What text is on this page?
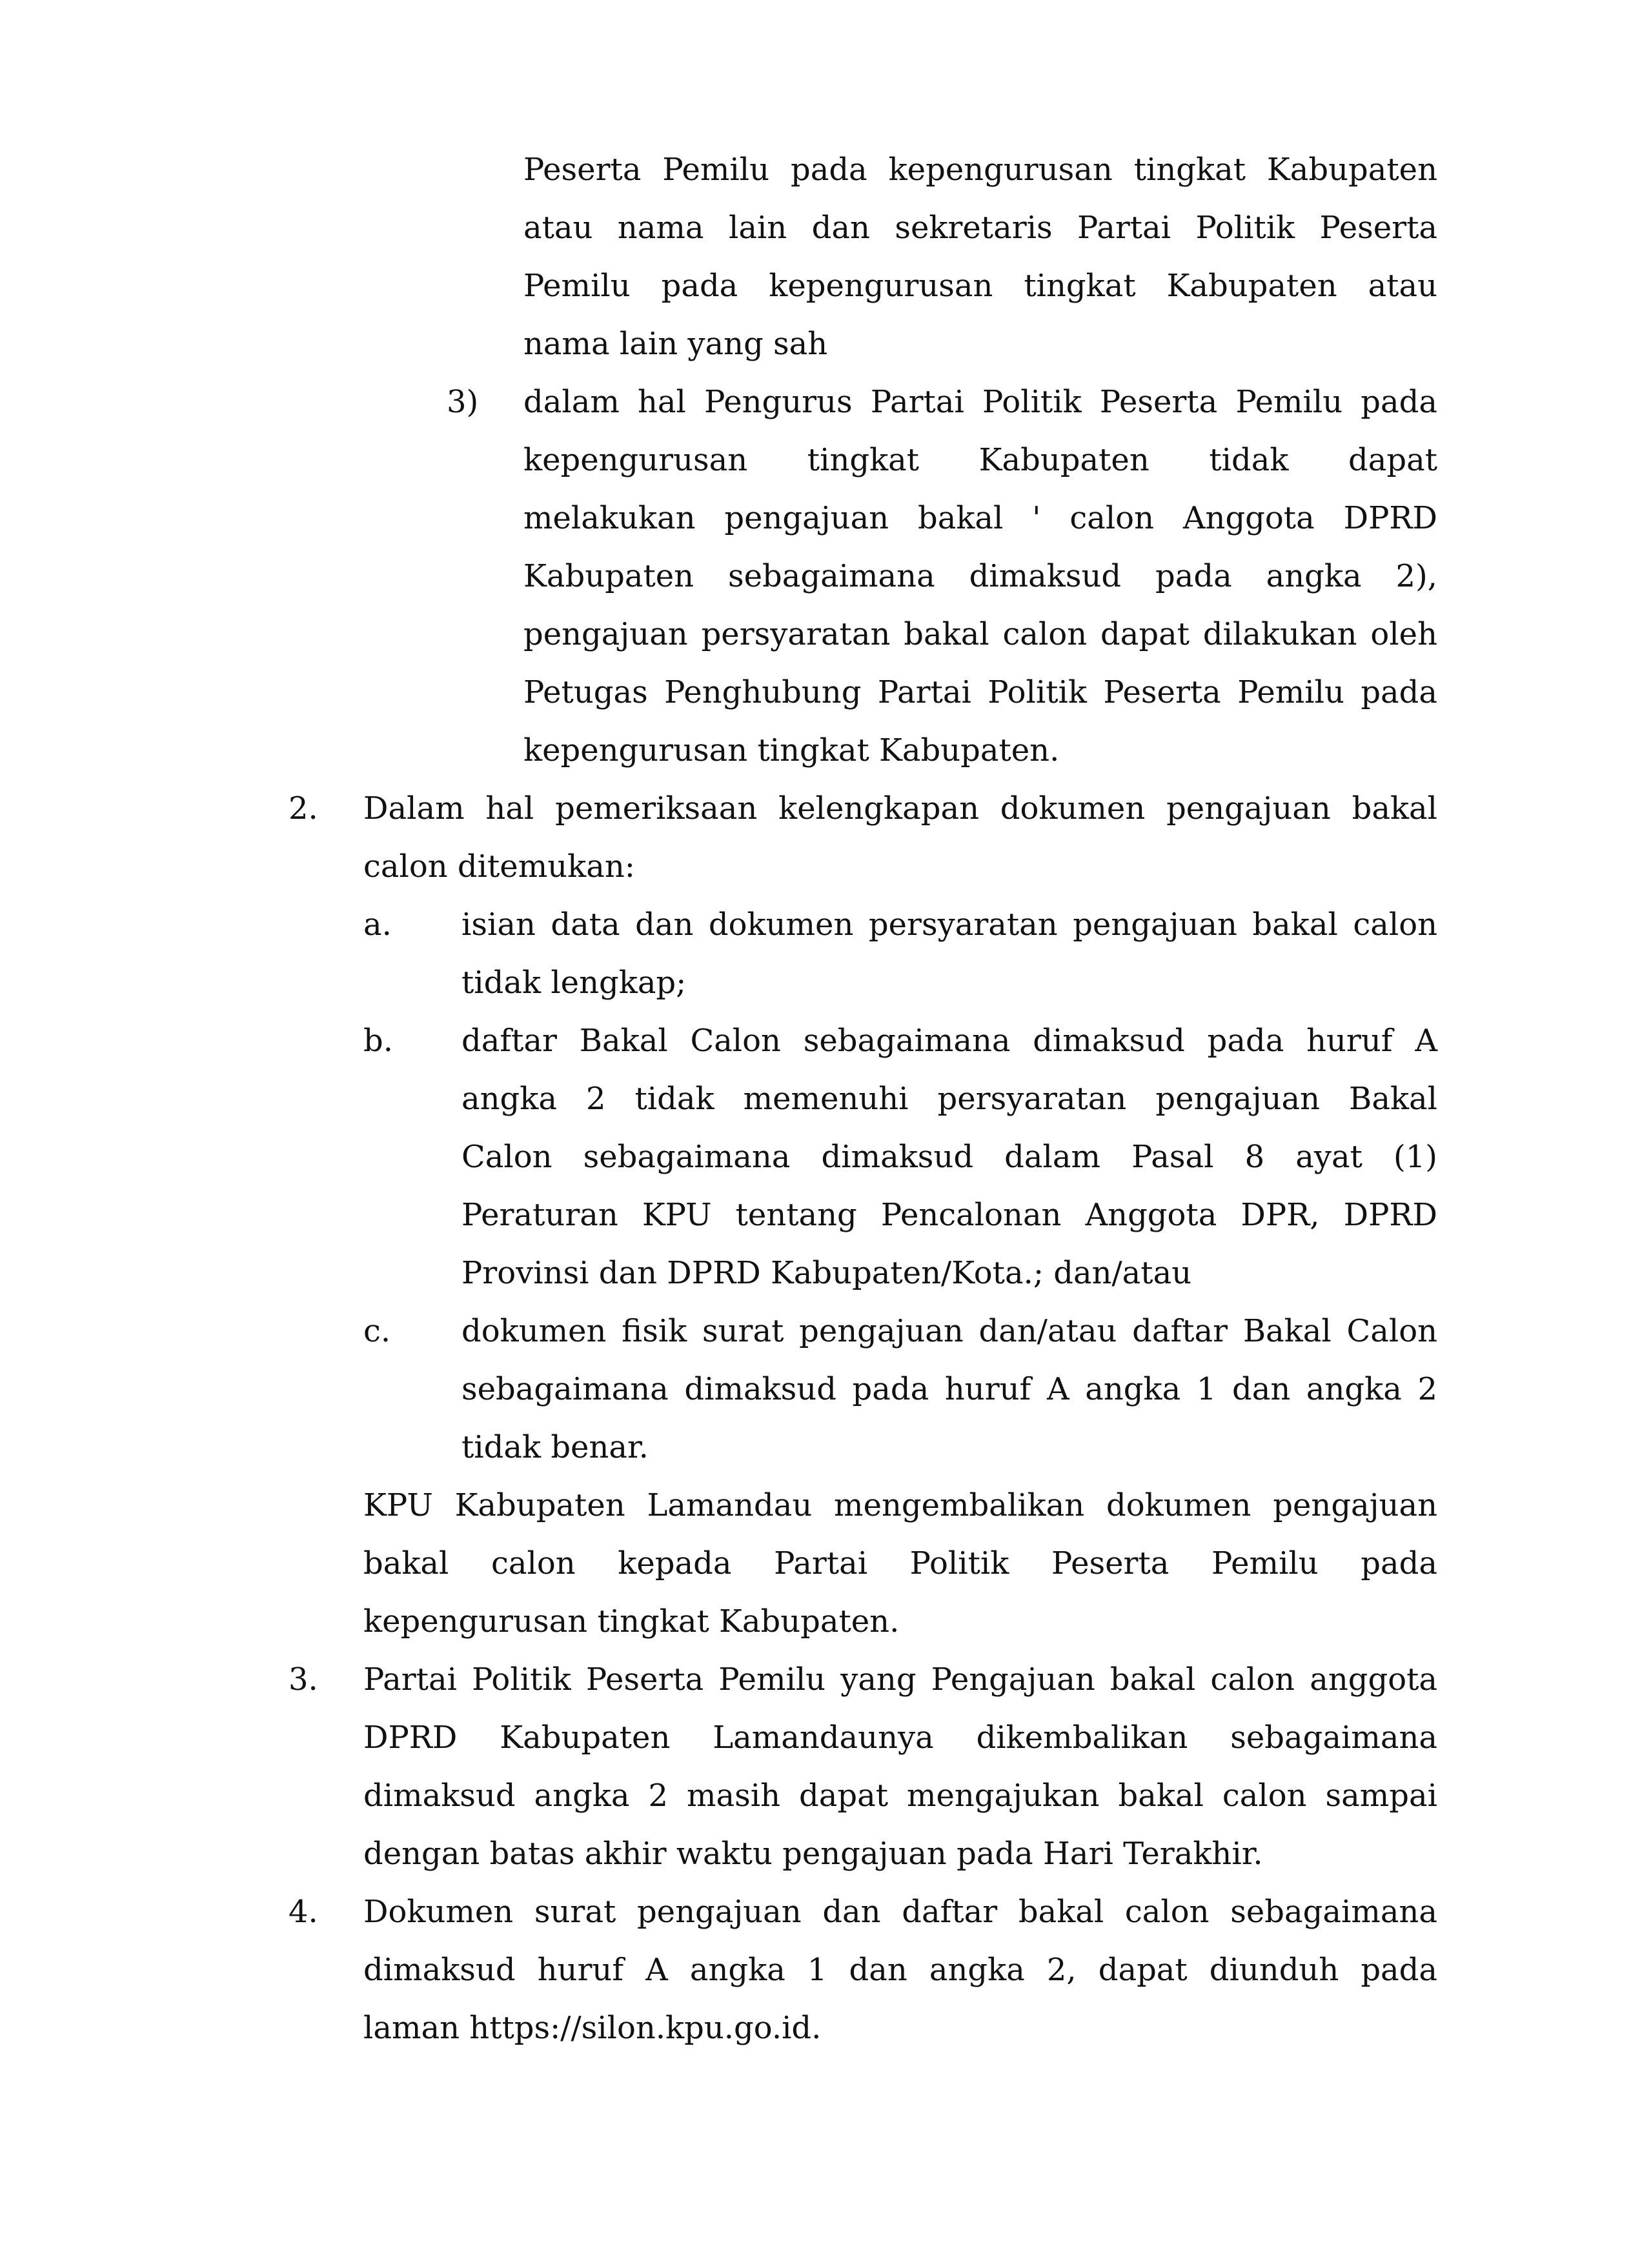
Peserta Pemilu pada kepengurusan tingkat Kabupaten
atau nama lain dan sekretaris Partai Politik Peserta
Pemilu pada kepengurusan tingkat Kabupaten atau
nama lain yang sah
3) dalam hal Pengurus Partai Politik Peserta Pemilu pada
kepengurusan tingkat Kabupaten tidak dapat
melakukan pengajuan bakal ' calon Anggota DPRD
Kabupaten sebagaimana dimaksud pada angka 2),
pengajuan persyaratan bakal calon dapat dilakukan oleh
Petugas Penghubung Partai Politik Peserta Pemilu pada
kepengurusan tingkat Kabupaten.
2. Dalam hal pemeriksaan kelengkapan dokumen pengajuan bakal
calon ditemukan:
a. isian data dan dokumen persyaratan pengajuan bakal calon
tidak lengkap;
b. daftar Bakal Calon sebagaimana dimaksud pada huruf A
angka 2 tidak memenuhi persyaratan pengajuan Bakal
Calon sebagaimana dimaksud dalam Pasal 8 ayat (1)
Peraturan KPU tentang Pencalonan Anggota DPR, DPRD
Provinsi dan DPRD Kabupaten/Kota.; dan/atau
c. dokumen fisik surat pengajuan dan/atau daftar Bakal Calon
sebagaimana dimaksud pada huruf A angka 1 dan angka 2
tidak benar.
KPU Kabupaten Lamandau mengembalikan dokumen pengajuan
bakal calon kepada Partai Politik Peserta Pemilu pada
kepengurusan tingkat Kabupaten.
3. Partai Politik Peserta Pemilu yang Pengajuan bakal calon anggota
DPRD Kabupaten Lamandaunya dikembalikan sebagaimana
dimaksud angka 2 masih dapat mengajukan bakal calon sampai
dengan batas akhir waktu pengajuan pada Hari Terakhir.
4. Dokumen surat pengajuan dan daftar bakal calon sebagaimana
dimaksud huruf A angka 1 dan angka 2, dapat diunduh pada
laman https://silon.kpu.go.id.
